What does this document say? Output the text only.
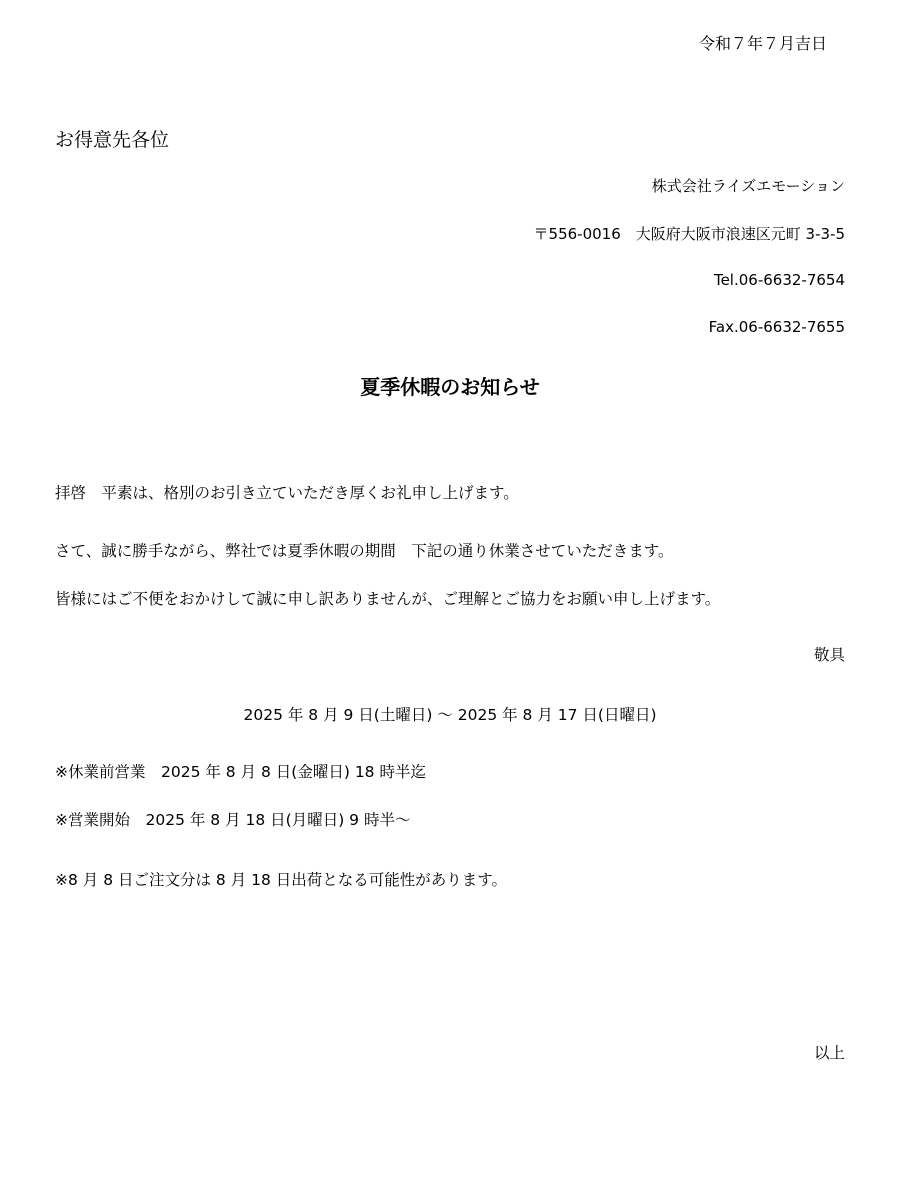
令和７年７月吉日
お得意先各位
株式会社ライズエモーション
〒556-0016　大阪府大阪市浪速区元町 3-3-5
Tel.06-6632-7654
Fax.06-6632-7655
夏季休暇のお知らせ
拝啓　平素は、格別のお引き立ていただき厚くお礼申し上げます。
さて、誠に勝手ながら、弊社では夏季休暇の期間　下記の通り休業させていただきます。
皆様にはご不便をおかけして誠に申し訳ありませんが、ご理解とご協力をお願い申し上げます。
敬具
2025 年 8 月 9 日(土曜日) 〜 2025 年 8 月 17 日(日曜日)
※休業前営業　2025 年 8 月 8 日(金曜日) 18 時半迄
※営業開始　2025 年 8 月 18 日(月曜日) 9 時半〜
※8 月 8 日ご注文分は 8 月 18 日出荷となる可能性があります。
以上
